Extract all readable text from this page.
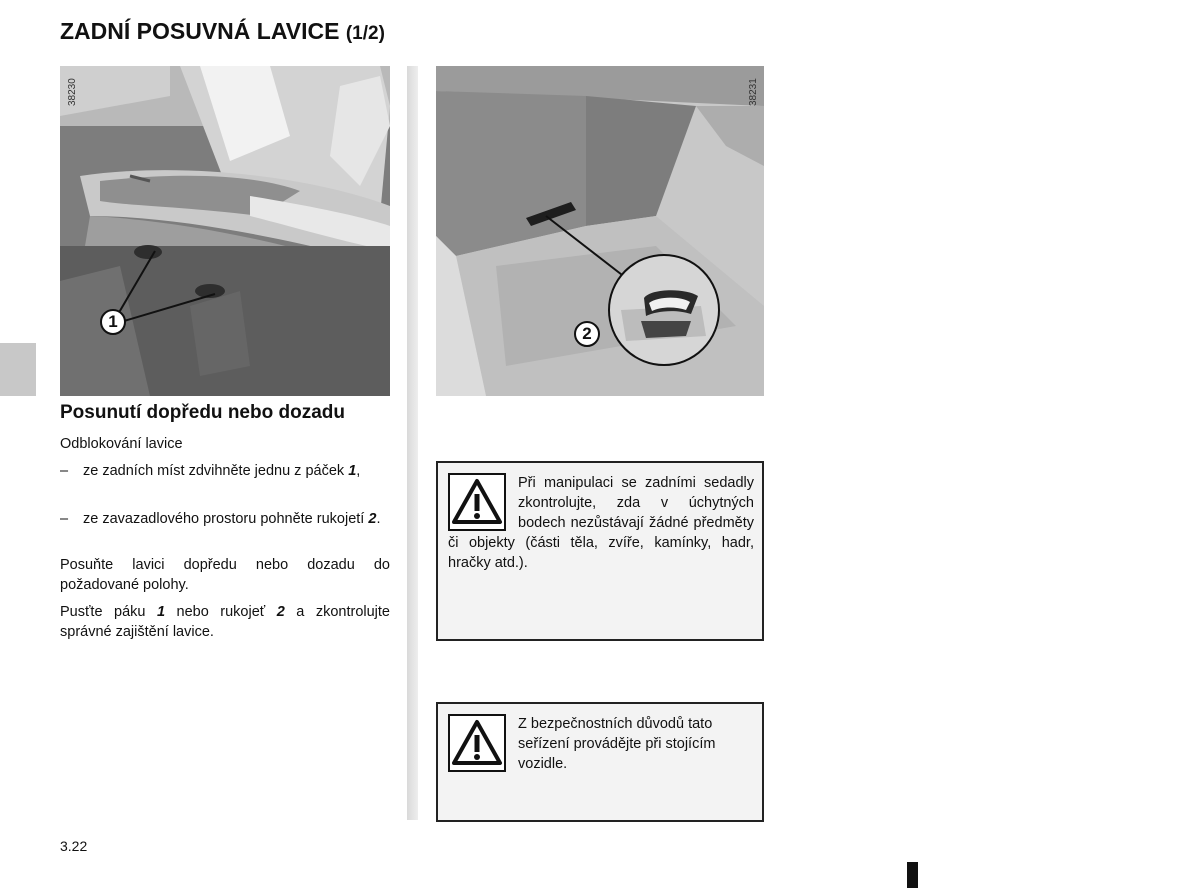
ZADNÍ POSUVNÁ LAVICE (1/2)
38230
1
38231
2
Posunutí dopředu nebo dozadu
Odblokování lavice
– ze zadních míst zdvihněte jednu z páček 1,
– ze zavazadlového prostoru pohněte rukojetí 2.
Posuňte lavici dopředu nebo dozadu do požadované polohy.
Pusťte páku 1 nebo rukojeť 2 a zkontrolujte správné zajištění lavice.

Při manipulaci se zadními sedadly zkontrolujte, zda v úchytných bodech nezůstávají žádné předměty či objekty (části těla, zvíře, kamínky, hadr, hračky atd.).

Z bezpečnostních důvodů tato seřízení provádějte při stojícím vozidle.

3.22
